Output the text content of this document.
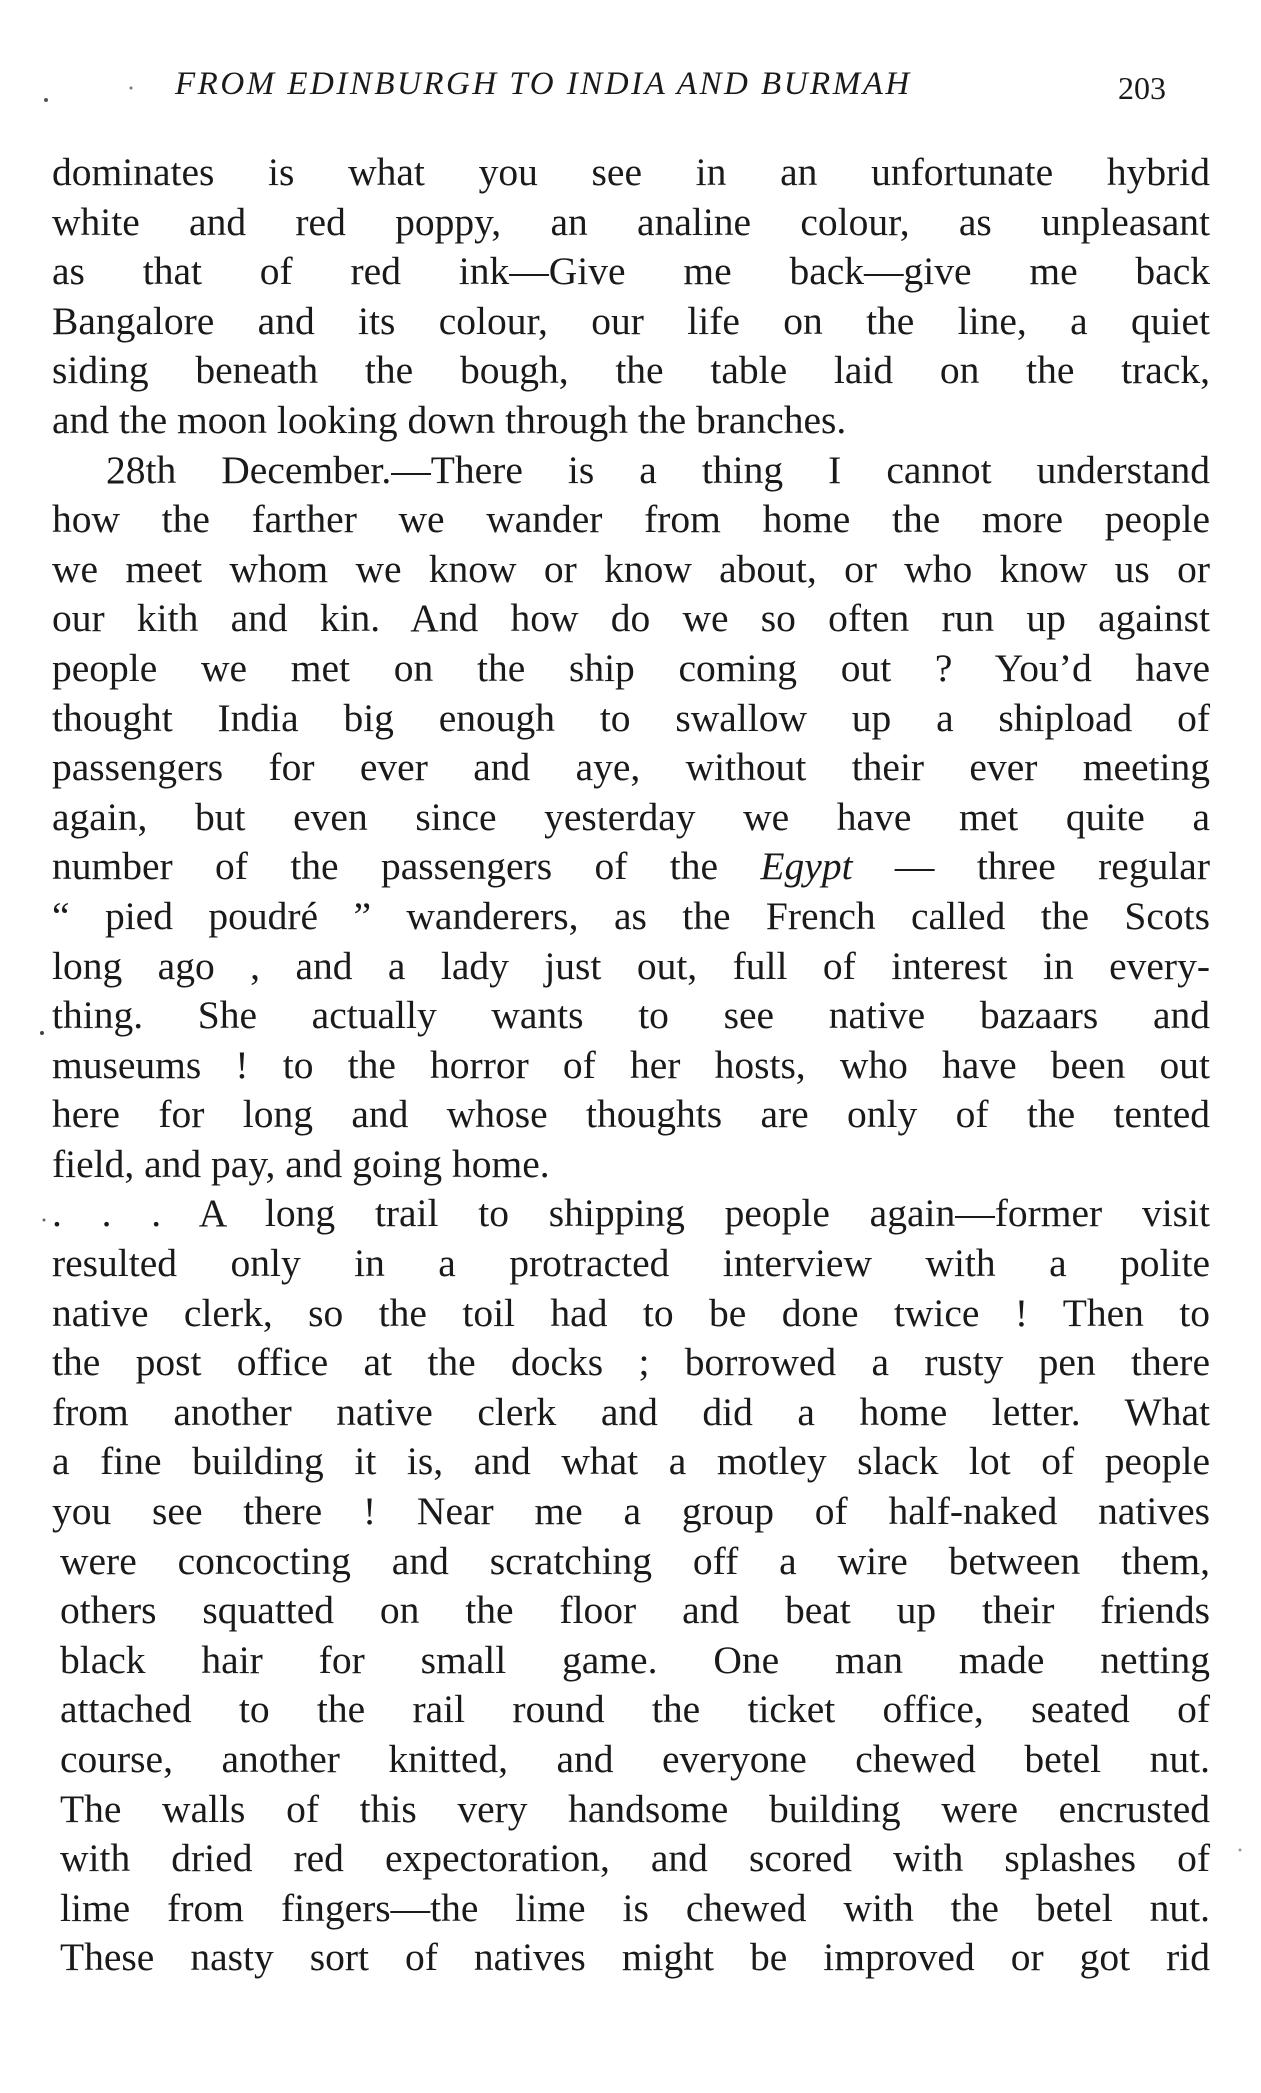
FROM EDINBURGH TO INDIA AND BURMAH	203
dominates is what you see in an unfortunate hybrid
white and red poppy, an analine colour, as unpleasant
as that of red ink—Give me back—give me back
Bangalore and its colour, our life on the line, a quiet
siding beneath the bough, the table laid on the track,
and the moon looking down through the branches.
28th December.—There is a thing I cannot understand
how the farther we wander from home the more people
we meet whom we know or know about, or who know us or
our kith and kin. And how do we so often run up against
people we met on the ship coming out ? You’d have
thought India big enough to swallow up a shipload of
passengers for ever and aye, without their ever meeting
again, but even since yesterday we have met quite a
number of the passengers of the Egypt — three regular
“ pied poudré ” wanderers, as the French called the Scots
long ago , and a lady just out, full of interest in every-
thing. She actually wants to see native bazaars and
museums ! to the horror of her hosts, who have been out
here for long and whose thoughts are only of the tented
field, and pay, and going home.
. . . A long trail to shipping people again—former visit
resulted only in a protracted interview with a polite
native clerk, so the toil had to be done twice ! Then to
the post office at the docks ; borrowed a rusty pen there
from another native clerk and did a home letter. What
a fine building it is, and what a motley slack lot of people
you see there ! Near me a group of half-naked natives
were concocting and scratching off a wire between them,
others squatted on the floor and beat up their friends
black hair for small game. One man made netting
attached to the rail round the ticket office, seated of
course, another knitted, and everyone chewed betel nut.
The walls of this very handsome building were encrusted
with dried red expectoration, and scored with splashes of
lime from fingers—the lime is chewed with the betel nut.
These nasty sort of natives might be improved or got rid
